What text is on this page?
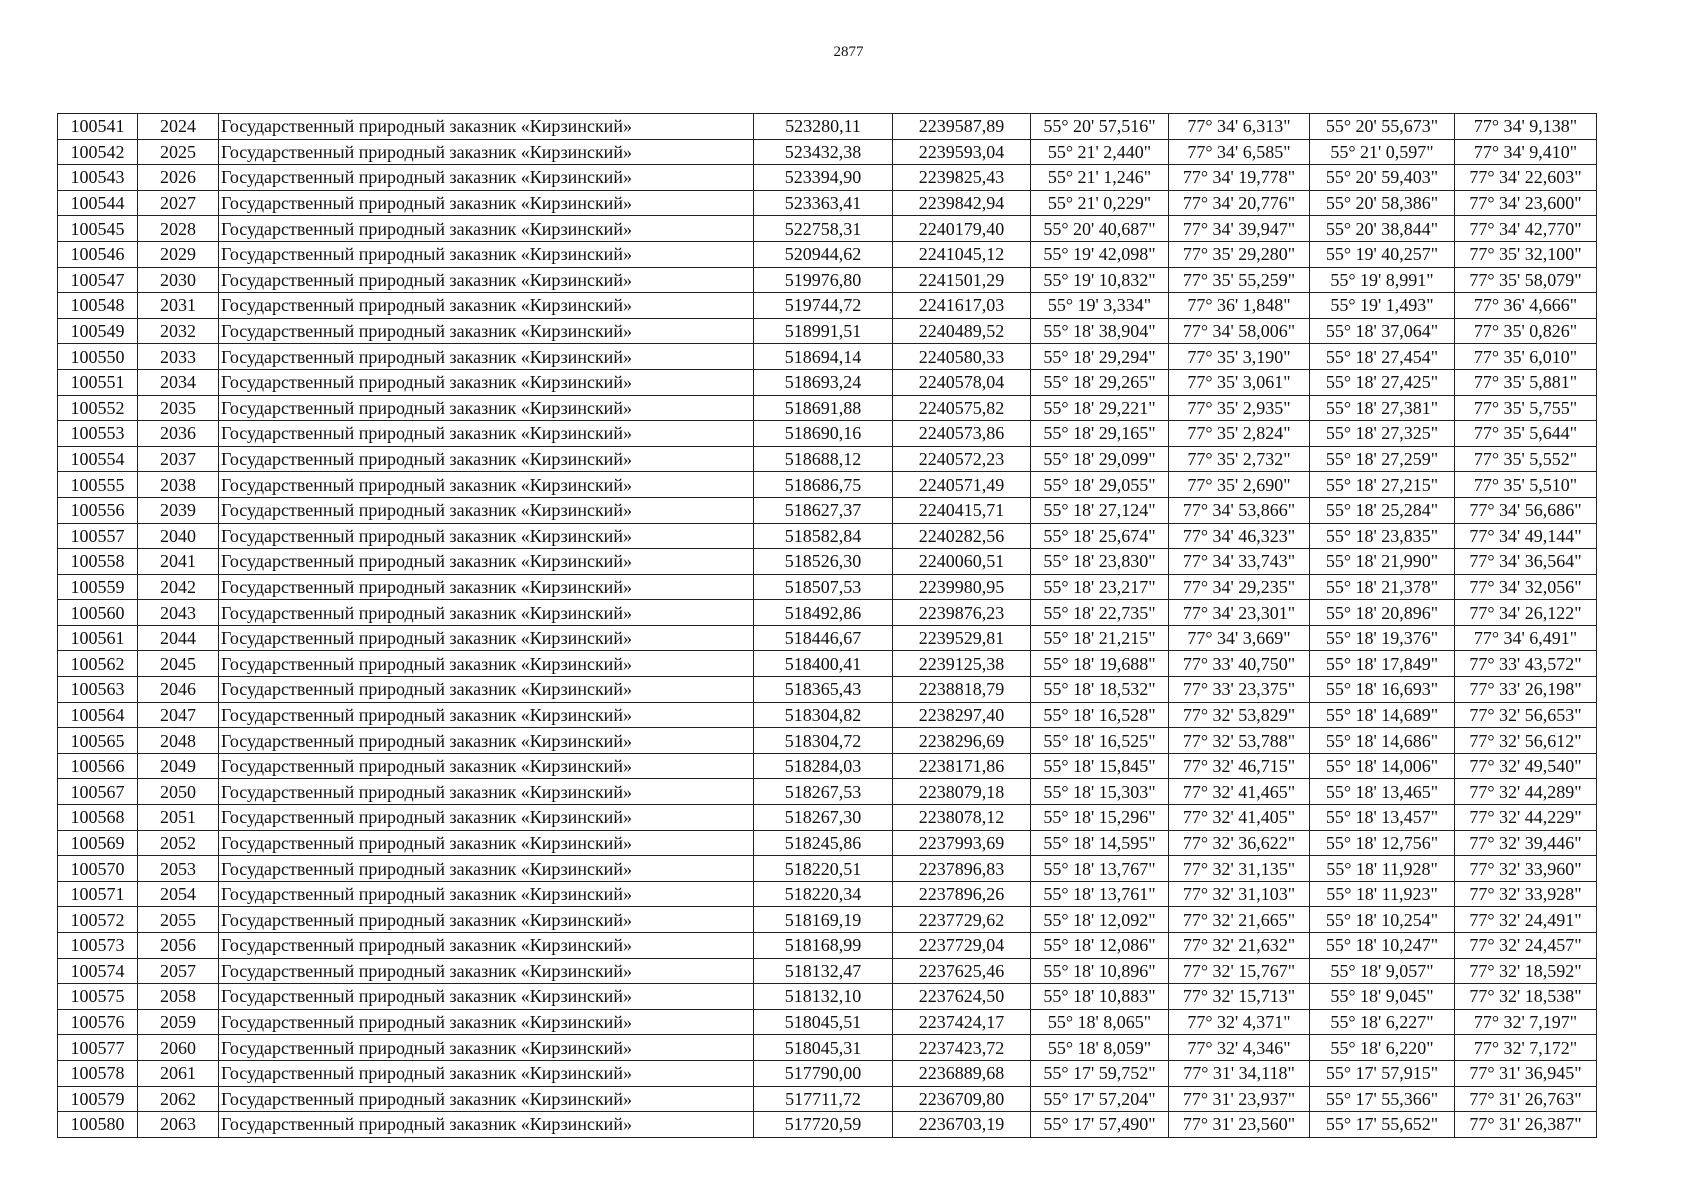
2877
100541	2024	Государственный природный заказник «Кирзинский»	523280,11	2239587,89	55° 20' 57,516"	77° 34' 6,313"	55° 20' 55,673"	77° 34' 9,138"
100542	2025	Государственный природный заказник «Кирзинский»	523432,38	2239593,04	55° 21' 2,440"	77° 34' 6,585"	55° 21' 0,597"	77° 34' 9,410"
100543	2026	Государственный природный заказник «Кирзинский»	523394,90	2239825,43	55° 21' 1,246"	77° 34' 19,778"	55° 20' 59,403"	77° 34' 22,603"
100544	2027	Государственный природный заказник «Кирзинский»	523363,41	2239842,94	55° 21' 0,229"	77° 34' 20,776"	55° 20' 58,386"	77° 34' 23,600"
100545	2028	Государственный природный заказник «Кирзинский»	522758,31	2240179,40	55° 20' 40,687"	77° 34' 39,947"	55° 20' 38,844"	77° 34' 42,770"
100546	2029	Государственный природный заказник «Кирзинский»	520944,62	2241045,12	55° 19' 42,098"	77° 35' 29,280"	55° 19' 40,257"	77° 35' 32,100"
100547	2030	Государственный природный заказник «Кирзинский»	519976,80	2241501,29	55° 19' 10,832"	77° 35' 55,259"	55° 19' 8,991"	77° 35' 58,079"
100548	2031	Государственный природный заказник «Кирзинский»	519744,72	2241617,03	55° 19' 3,334"	77° 36' 1,848"	55° 19' 1,493"	77° 36' 4,666"
100549	2032	Государственный природный заказник «Кирзинский»	518991,51	2240489,52	55° 18' 38,904"	77° 34' 58,006"	55° 18' 37,064"	77° 35' 0,826"
100550	2033	Государственный природный заказник «Кирзинский»	518694,14	2240580,33	55° 18' 29,294"	77° 35' 3,190"	55° 18' 27,454"	77° 35' 6,010"
100551	2034	Государственный природный заказник «Кирзинский»	518693,24	2240578,04	55° 18' 29,265"	77° 35' 3,061"	55° 18' 27,425"	77° 35' 5,881"
100552	2035	Государственный природный заказник «Кирзинский»	518691,88	2240575,82	55° 18' 29,221"	77° 35' 2,935"	55° 18' 27,381"	77° 35' 5,755"
100553	2036	Государственный природный заказник «Кирзинский»	518690,16	2240573,86	55° 18' 29,165"	77° 35' 2,824"	55° 18' 27,325"	77° 35' 5,644"
100554	2037	Государственный природный заказник «Кирзинский»	518688,12	2240572,23	55° 18' 29,099"	77° 35' 2,732"	55° 18' 27,259"	77° 35' 5,552"
100555	2038	Государственный природный заказник «Кирзинский»	518686,75	2240571,49	55° 18' 29,055"	77° 35' 2,690"	55° 18' 27,215"	77° 35' 5,510"
100556	2039	Государственный природный заказник «Кирзинский»	518627,37	2240415,71	55° 18' 27,124"	77° 34' 53,866"	55° 18' 25,284"	77° 34' 56,686"
100557	2040	Государственный природный заказник «Кирзинский»	518582,84	2240282,56	55° 18' 25,674"	77° 34' 46,323"	55° 18' 23,835"	77° 34' 49,144"
100558	2041	Государственный природный заказник «Кирзинский»	518526,30	2240060,51	55° 18' 23,830"	77° 34' 33,743"	55° 18' 21,990"	77° 34' 36,564"
100559	2042	Государственный природный заказник «Кирзинский»	518507,53	2239980,95	55° 18' 23,217"	77° 34' 29,235"	55° 18' 21,378"	77° 34' 32,056"
100560	2043	Государственный природный заказник «Кирзинский»	518492,86	2239876,23	55° 18' 22,735"	77° 34' 23,301"	55° 18' 20,896"	77° 34' 26,122"
100561	2044	Государственный природный заказник «Кирзинский»	518446,67	2239529,81	55° 18' 21,215"	77° 34' 3,669"	55° 18' 19,376"	77° 34' 6,491"
100562	2045	Государственный природный заказник «Кирзинский»	518400,41	2239125,38	55° 18' 19,688"	77° 33' 40,750"	55° 18' 17,849"	77° 33' 43,572"
100563	2046	Государственный природный заказник «Кирзинский»	518365,43	2238818,79	55° 18' 18,532"	77° 33' 23,375"	55° 18' 16,693"	77° 33' 26,198"
100564	2047	Государственный природный заказник «Кирзинский»	518304,82	2238297,40	55° 18' 16,528"	77° 32' 53,829"	55° 18' 14,689"	77° 32' 56,653"
100565	2048	Государственный природный заказник «Кирзинский»	518304,72	2238296,69	55° 18' 16,525"	77° 32' 53,788"	55° 18' 14,686"	77° 32' 56,612"
100566	2049	Государственный природный заказник «Кирзинский»	518284,03	2238171,86	55° 18' 15,845"	77° 32' 46,715"	55° 18' 14,006"	77° 32' 49,540"
100567	2050	Государственный природный заказник «Кирзинский»	518267,53	2238079,18	55° 18' 15,303"	77° 32' 41,465"	55° 18' 13,465"	77° 32' 44,289"
100568	2051	Государственный природный заказник «Кирзинский»	518267,30	2238078,12	55° 18' 15,296"	77° 32' 41,405"	55° 18' 13,457"	77° 32' 44,229"
100569	2052	Государственный природный заказник «Кирзинский»	518245,86	2237993,69	55° 18' 14,595"	77° 32' 36,622"	55° 18' 12,756"	77° 32' 39,446"
100570	2053	Государственный природный заказник «Кирзинский»	518220,51	2237896,83	55° 18' 13,767"	77° 32' 31,135"	55° 18' 11,928"	77° 32' 33,960"
100571	2054	Государственный природный заказник «Кирзинский»	518220,34	2237896,26	55° 18' 13,761"	77° 32' 31,103"	55° 18' 11,923"	77° 32' 33,928"
100572	2055	Государственный природный заказник «Кирзинский»	518169,19	2237729,62	55° 18' 12,092"	77° 32' 21,665"	55° 18' 10,254"	77° 32' 24,491"
100573	2056	Государственный природный заказник «Кирзинский»	518168,99	2237729,04	55° 18' 12,086"	77° 32' 21,632"	55° 18' 10,247"	77° 32' 24,457"
100574	2057	Государственный природный заказник «Кирзинский»	518132,47	2237625,46	55° 18' 10,896"	77° 32' 15,767"	55° 18' 9,057"	77° 32' 18,592"
100575	2058	Государственный природный заказник «Кирзинский»	518132,10	2237624,50	55° 18' 10,883"	77° 32' 15,713"	55° 18' 9,045"	77° 32' 18,538"
100576	2059	Государственный природный заказник «Кирзинский»	518045,51	2237424,17	55° 18' 8,065"	77° 32' 4,371"	55° 18' 6,227"	77° 32' 7,197"
100577	2060	Государственный природный заказник «Кирзинский»	518045,31	2237423,72	55° 18' 8,059"	77° 32' 4,346"	55° 18' 6,220"	77° 32' 7,172"
100578	2061	Государственный природный заказник «Кирзинский»	517790,00	2236889,68	55° 17' 59,752"	77° 31' 34,118"	55° 17' 57,915"	77° 31' 36,945"
100579	2062	Государственный природный заказник «Кирзинский»	517711,72	2236709,80	55° 17' 57,204"	77° 31' 23,937"	55° 17' 55,366"	77° 31' 26,763"
100580	2063	Государственный природный заказник «Кирзинский»	517720,59	2236703,19	55° 17' 57,490"	77° 31' 23,560"	55° 17' 55,652"	77° 31' 26,387"
